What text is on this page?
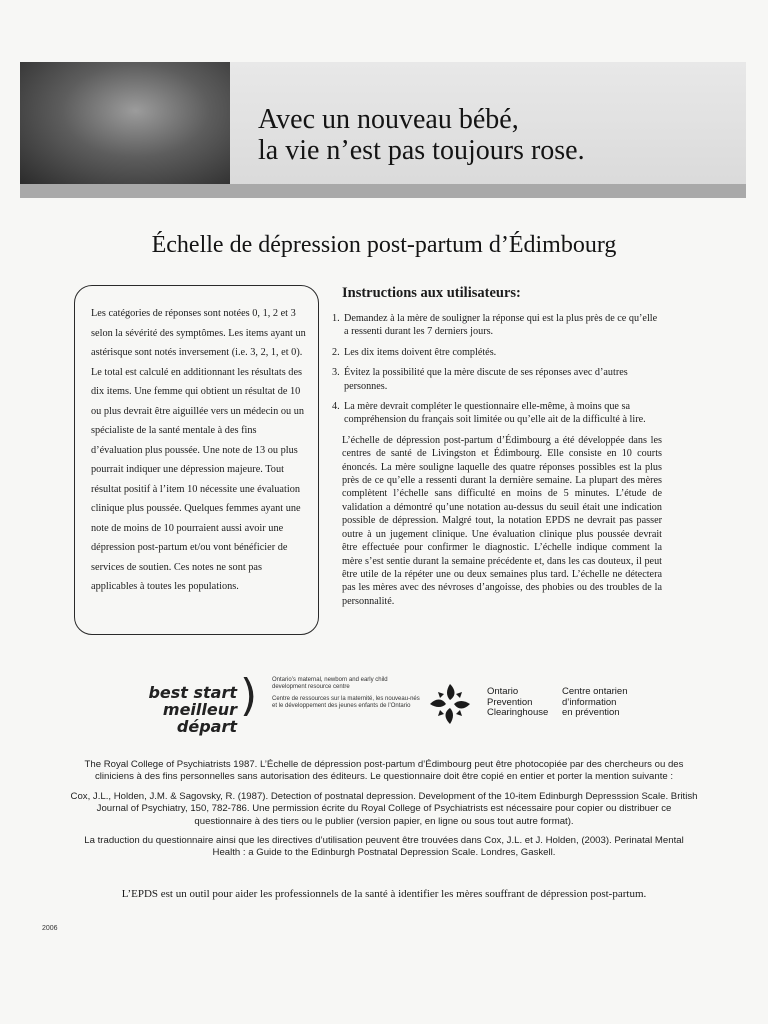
Avec un nouveau bébé,
la vie n’est pas toujours rose.
Échelle de dépression post-partum d’Édimbourg

Les catégories de réponses sont notées 0, 1, 2 et 3 selon la sévérité des symptômes. Les items ayant un astérisque sont notés inversement (i.e. 3, 2, 1, et 0). Le total est calculé en additionnant les résultats des dix items. Une femme qui obtient un résultat de 10 ou plus devrait être aiguillée vers un médecin ou un spécialiste de la santé mentale à des fins d’évaluation plus poussée. Une note de 13 ou plus pourrait indiquer une dépression majeure. Tout résultat positif à l’item 10 nécessite une évaluation clinique plus poussée. Quelques femmes ayant une note de moins de 10 pourraient aussi avoir une dépression post-partum et/ou vont bénéficier de services de soutien. Ces notes ne sont pas applicables à toutes les populations.

Instructions aux utilisateurs:
1. Demandez à la mère de souligner la réponse qui est la plus près de ce qu’elle a ressenti durant les 7 derniers jours.
2. Les dix items doivent être complétés.
3. Évitez la possibilité que la mère discute de ses réponses avec d’autres personnes.
4. La mère devrait compléter le questionnaire elle-même, à moins que sa compréhension du français soit limitée ou qu’elle ait de la difficulté à lire.

L’échelle de dépression post-partum d’Édimbourg a été développée dans les centres de santé de Livingston et Édimbourg. Elle consiste en 10 courts énoncés. La mère souligne laquelle des quatre réponses possibles est la plus près de ce qu’elle a ressenti durant la dernière semaine. La plupart des mères complètent l’échelle sans difficulté en moins de 5 minutes. L’étude de validation a démontré qu’une notation au-dessus du seuil était une indication possible de dépression. Malgré tout, la notation EPDS ne devrait pas passer outre à un jugement clinique. Une évaluation clinique plus poussée devrait être effectuée pour confirmer le diagnostic. L’échelle indique comment la mère s’est sentie durant la semaine précédente et, dans les cas douteux, il peut être utile de la répéter une ou deux semaines plus tard. L’échelle ne détectera pas les mères avec des névroses d’angoisse, des phobies ou des troubles de la personnalité.

best start
meilleur départ
) Ontario’s maternal, newborn and early child development resource centre

Centre de ressources sur la maternité, les nouveau-nés et le développement des jeunes enfants de l’Ontario

Ontario
Prevention
Clearinghouse
Centre ontarien
d’information
en prévention

The Royal College of Psychiatrists 1987. L’Échelle de dépression post-partum d’Édimbourg peut être photocopiée par des chercheurs ou des cliniciens à des fins personnelles sans autorisation des éditeurs. Le questionnaire doit être copié en entier et porter la mention suivante :

Cox, J.L., Holden, J.M. & Sagovsky, R. (1987). Detection of postnatal depression. Development of the 10-item Edinburgh Depresssion Scale. British Journal of Psychiatry, 150, 782-786. Une permission écrite du Royal College of Psychiatrists est nécessaire pour copier ou distribuer ce questionnaire à des tiers ou le publier (version papier, en ligne ou sous tout autre format).

La traduction du questionnaire ainsi que les directives d’utilisation peuvent être trouvées dans Cox, J.L. et J. Holden, (2003). Perinatal Mental Health : a Guide to the Edinburgh Postnatal Depression Scale. Londres, Gaskell.

L’EPDS est un outil pour aider les professionnels de la santé à identifier les mères souffrant de dépression post-partum.
2006
